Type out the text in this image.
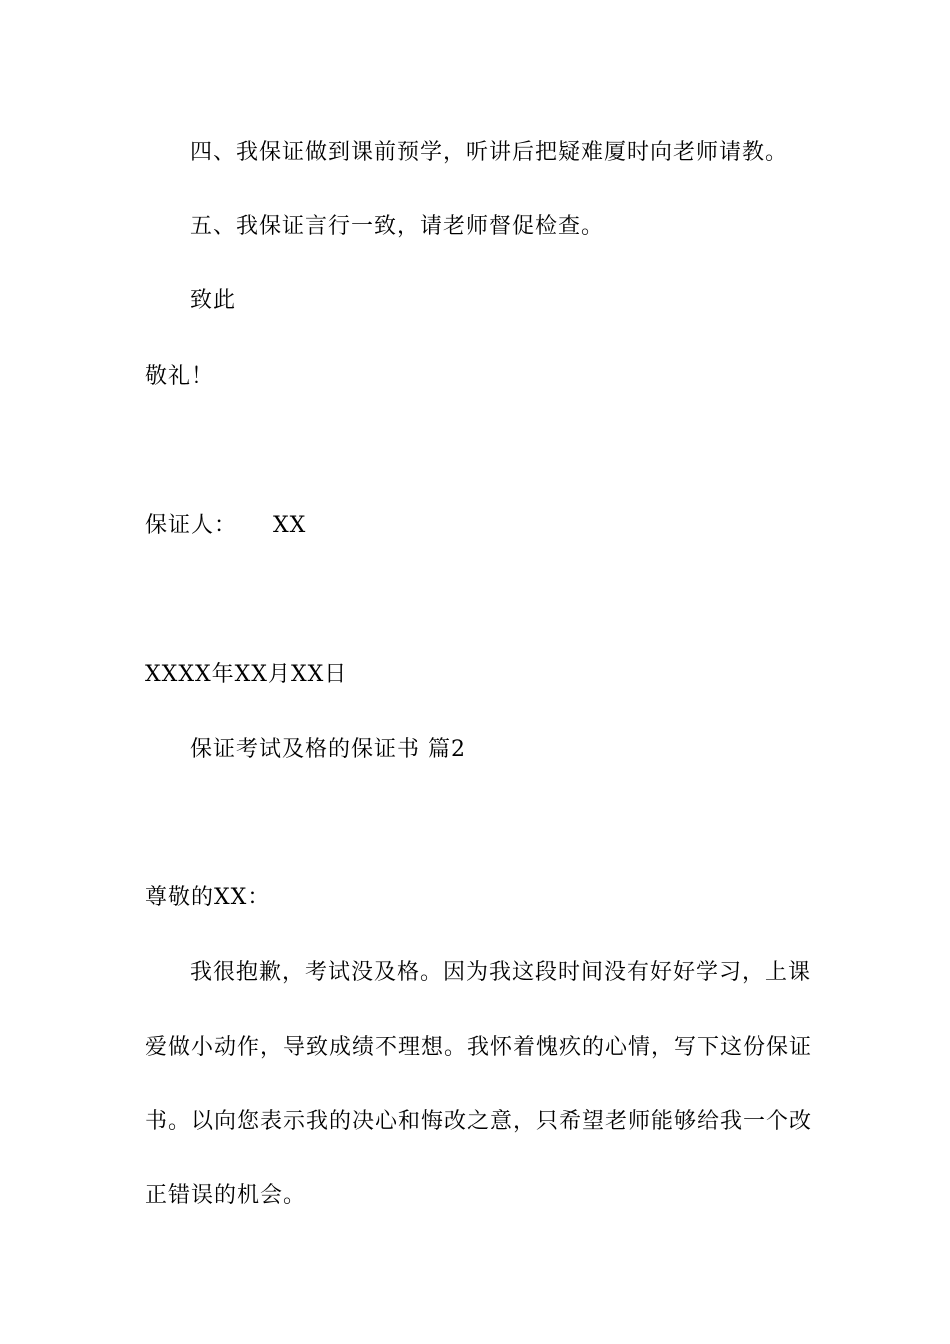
四、我保证做到课前预学，听讲后把疑难厦时向老师请教。
五、我保证言行一致，请老师督促检查。
致此
敬礼！
保证人： XX
XXXX年XX月XX日
保证考试及格的保证书 篇2
尊敬的XX：
我很抱歉，考试没及格。因为我这段时间没有好好学习，上课
爱做小动作，导致成绩不理想。我怀着愧疚的心情，写下这份保证
书。以向您表示我的决心和悔改之意，只希望老师能够给我一个改
正错误的机会。
